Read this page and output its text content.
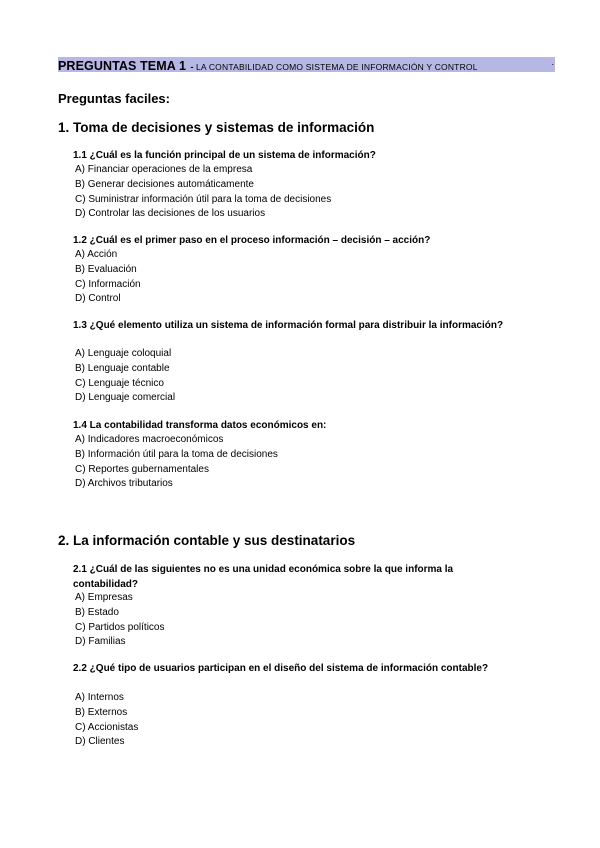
PREGUNTAS TEMA 1 - LA CONTABILIDAD COMO SISTEMA DE INFORMACIÓN Y CONTROL	.
Preguntas faciles:
1. Toma de decisiones y sistemas de información
1.1 ¿Cuál es la función principal de un sistema de información?
A) Financiar operaciones de la empresa
B) Generar decisiones automáticamente
C) Suministrar información útil para la toma de decisiones
D) Controlar las decisiones de los usuarios
1.2 ¿Cuál es el primer paso en el proceso información – decisión – acción?
A) Acción
B) Evaluación
C) Información
D) Control
1.3 ¿Qué elemento utiliza un sistema de información formal para distribuir la información?
A) Lenguaje coloquial
B) Lenguaje contable
C) Lenguaje técnico
D) Lenguaje comercial
1.4 La contabilidad transforma datos económicos en:
A) Indicadores macroeconómicos
B) Información útil para la toma de decisiones
C) Reportes gubernamentales
D) Archivos tributarios
2. La información contable y sus destinatarios
2.1 ¿Cuál de las siguientes no es una unidad económica sobre la que informa la contabilidad?
A) Empresas
B) Estado
C) Partidos políticos
D) Familias
2.2 ¿Qué tipo de usuarios participan en el diseño del sistema de información contable?
A) Internos
B) Externos
C) Accionistas
D) Clientes
